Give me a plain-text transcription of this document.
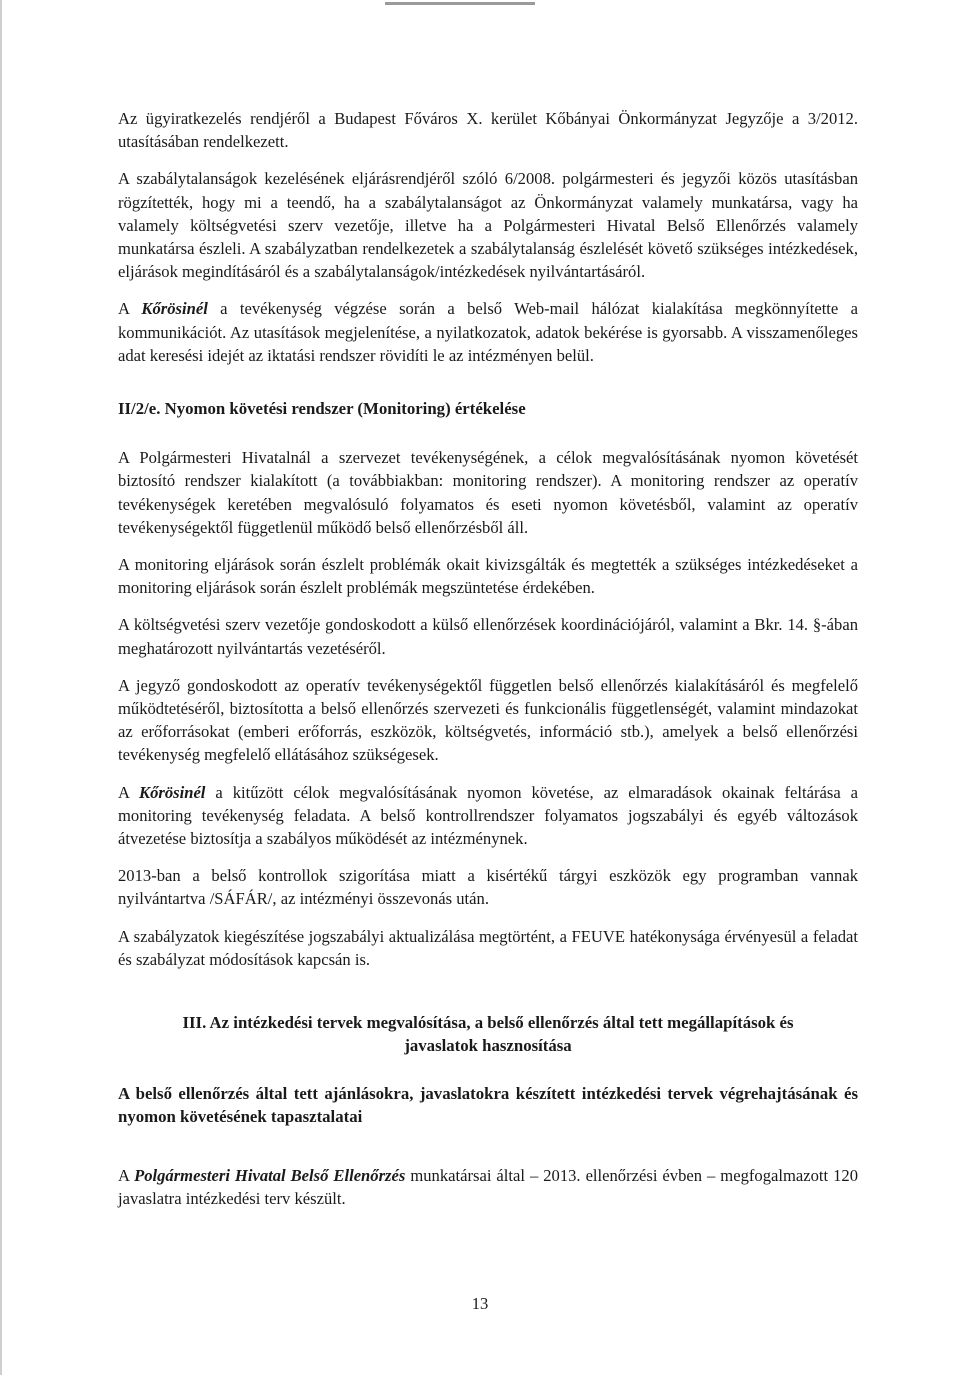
Az ügyiratkezelés rendjéről a Budapest Főváros X. kerület Kőbányai Önkormányzat Jegyzője a 3/2012. utasításában rendelkezett.

A szabálytalanságok kezelésének eljárásrendjéről szóló 6/2008. polgármesteri és jegyzői közös utasításban rögzítették, hogy mi a teendő, ha a szabálytalanságot az Önkormányzat valamely munkatársa, vagy ha valamely költségvetési szerv vezetője, illetve ha a Polgármesteri Hivatal Belső Ellenőrzés valamely munkatársa észleli. A szabályzatban rendelkezetek a szabálytalanság észlelését követő szükséges intézkedések, eljárások megindításáról és a szabálytalanságok/intézkedések nyilvántartásáról.

A Kőrösinél a tevékenység végzése során a belső Web-mail hálózat kialakítása megkönnyítette a kommunikációt. Az utasítások megjelenítése, a nyilatkozatok, adatok bekérése is gyorsabb. A visszamenőleges adat keresési idejét az iktatási rendszer rövidíti le az intézményen belül.

II/2/e. Nyomon követési rendszer (Monitoring) értékelése

A Polgármesteri Hivatalnál a szervezet tevékenységének, a célok megvalósításának nyomon követését biztosító rendszer kialakított (a továbbiakban: monitoring rendszer). A monitoring rendszer az operatív tevékenységek keretében megvalósuló folyamatos és eseti nyomon követésből, valamint az operatív tevékenységektől függetlenül működő belső ellenőrzésből áll.

A monitoring eljárások során észlelt problémák okait kivizsgálták és megtették a szükséges intézkedéseket a monitoring eljárások során észlelt problémák megszüntetése érdekében.

A költségvetési szerv vezetője gondoskodott a külső ellenőrzések koordinációjáról, valamint a Bkr. 14. §-ában meghatározott nyilvántartás vezetéséről.

A jegyző gondoskodott az operatív tevékenységektől független belső ellenőrzés kialakításáról és megfelelő működtetéséről, biztosította a belső ellenőrzés szervezeti és funkcionális függetlenségét, valamint mindazokat az erőforrásokat (emberi erőforrás, eszközök, költségvetés, információ stb.), amelyek a belső ellenőrzési tevékenység megfelelő ellátásához szükségesek.

A Kőrösinél a kitűzött célok megvalósításának nyomon követése, az elmaradások okainak feltárása a monitoring tevékenység feladata. A belső kontrollrendszer folyamatos jogszabályi és egyéb változások átvezetése biztosítja a szabályos működését az intézménynek.

2013-ban a belső kontrollok szigorítása miatt a kisértékű tárgyi eszközök egy programban vannak nyilvántartva /SÁFÁR/, az intézményi összevonás után.

A szabályzatok kiegészítése jogszabályi aktualizálása megtörtént, a FEUVE hatékonysága érvényesül a feladat és szabályzat módosítások kapcsán is.

III. Az intézkedési tervek megvalósítása, a belső ellenőrzés által tett megállapítások és
javaslatok hasznosítása
A belső ellenőrzés által tett ajánlásokra, javaslatokra készített intézkedési tervek végrehajtásának és nyomon követésének tapasztalatai

A Polgármesteri Hivatal Belső Ellenőrzés munkatársai által – 2013. ellenőrzési évben – megfogalmazott 120 javaslatra intézkedési terv készült.

13
